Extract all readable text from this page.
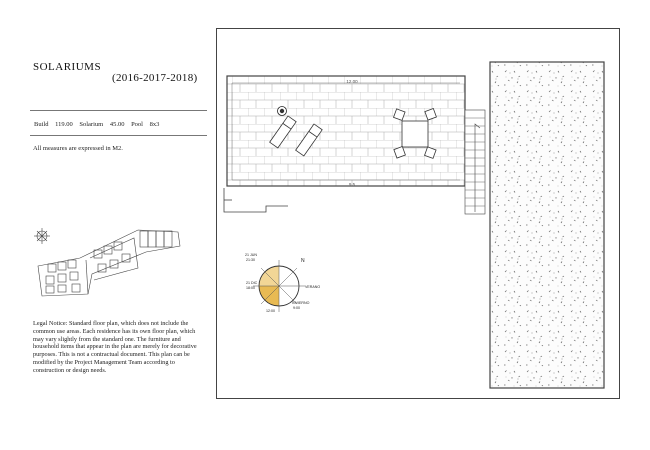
SOLARIUMS
(2016-2017-2018)
Build 119.00 Solarium 45.00 Pool 8x3
All measures are expressed in M2.
Legal Notice: Standard floor plan, which does not include the common use areas. Each residence has its own floor plan, which may vary slightly from the standard one. The furniture and household items that appear in the plan are merely for decorative purposes. This is not a contractual document. This plan can be modified by the Project Management Team according to construction or design needs.
12.00
9.5
N
VERANO
INVIERNO 9:00
21 JUN 21:30
21 DIC 18:00
12:00
